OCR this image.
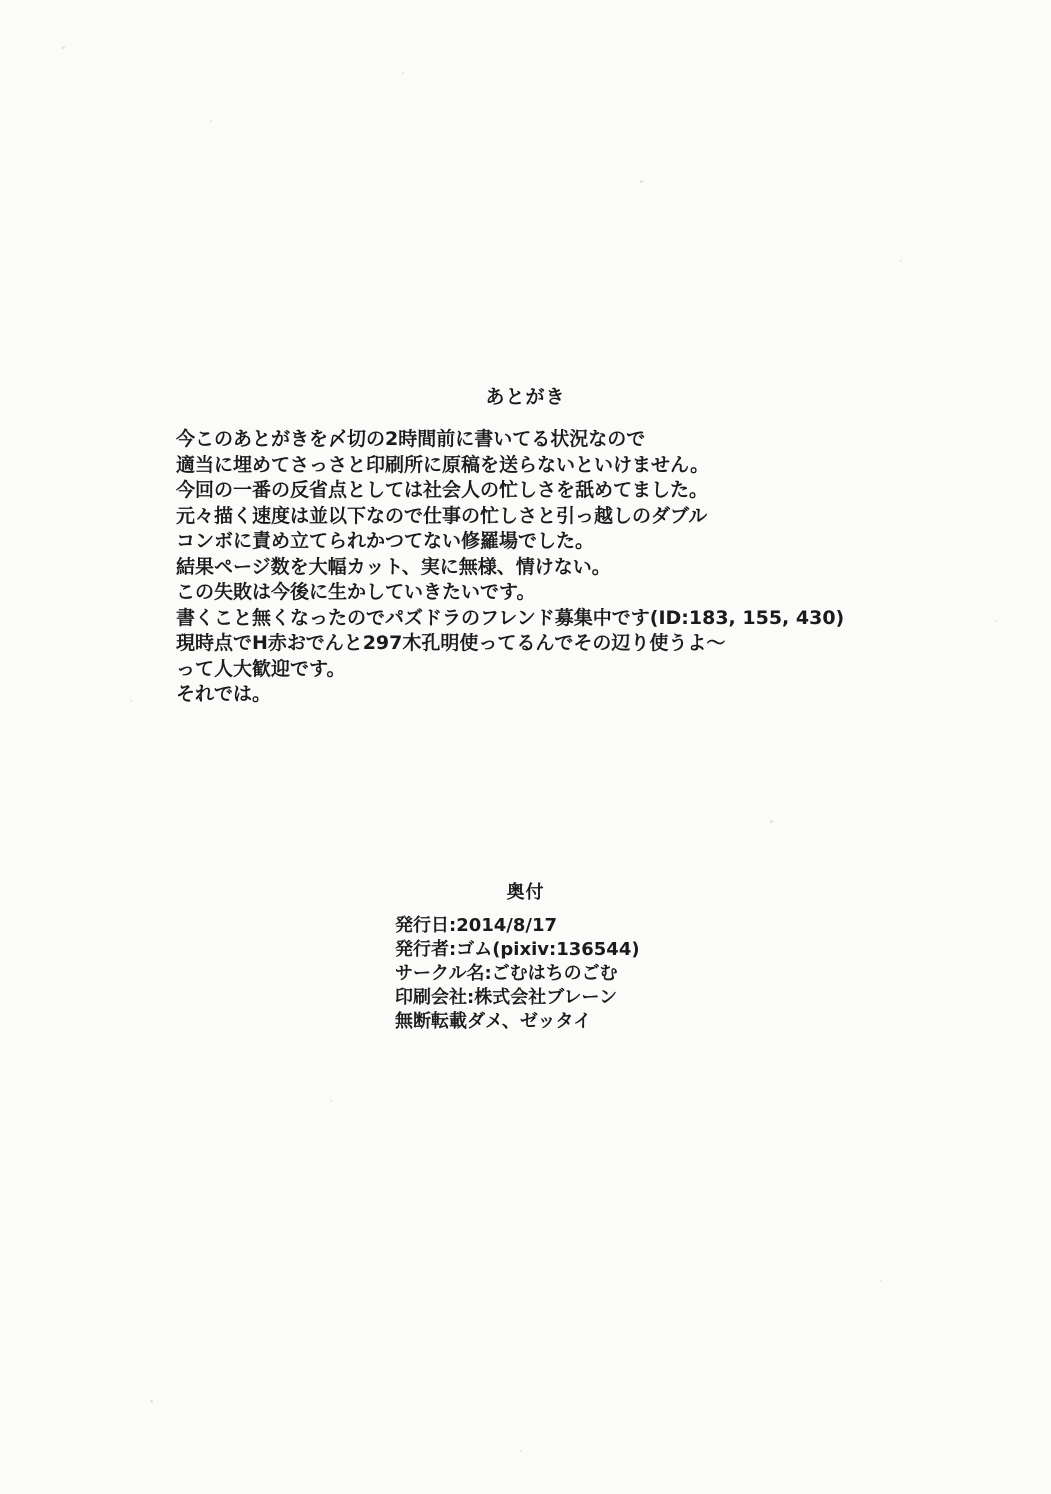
あとがき
今このあとがきを〆切の2時間前に書いてる状況なので
適当に埋めてさっさと印刷所に原稿を送らないといけません。
今回の一番の反省点としては社会人の忙しさを舐めてました。
元々描く速度は並以下なので仕事の忙しさと引っ越しのダブル
コンボに責め立てられかつてない修羅場でした。
結果ページ数を大幅カット、実に無様、情けない。
この失敗は今後に生かしていきたいです。
書くこと無くなったのでパズドラのフレンド募集中です(ID:183, 155, 430)
現時点でH赤おでんと297木孔明使ってるんでその辺り使うよ〜
って人大歓迎です。
それでは。
奥付
発行日:2014/8/17
発行者:ゴム(pixiv:136544)
サークル名:ごむはちのごむ
印刷会社:株式会社ブレーン
無断転載ダメ、ゼッタイ
